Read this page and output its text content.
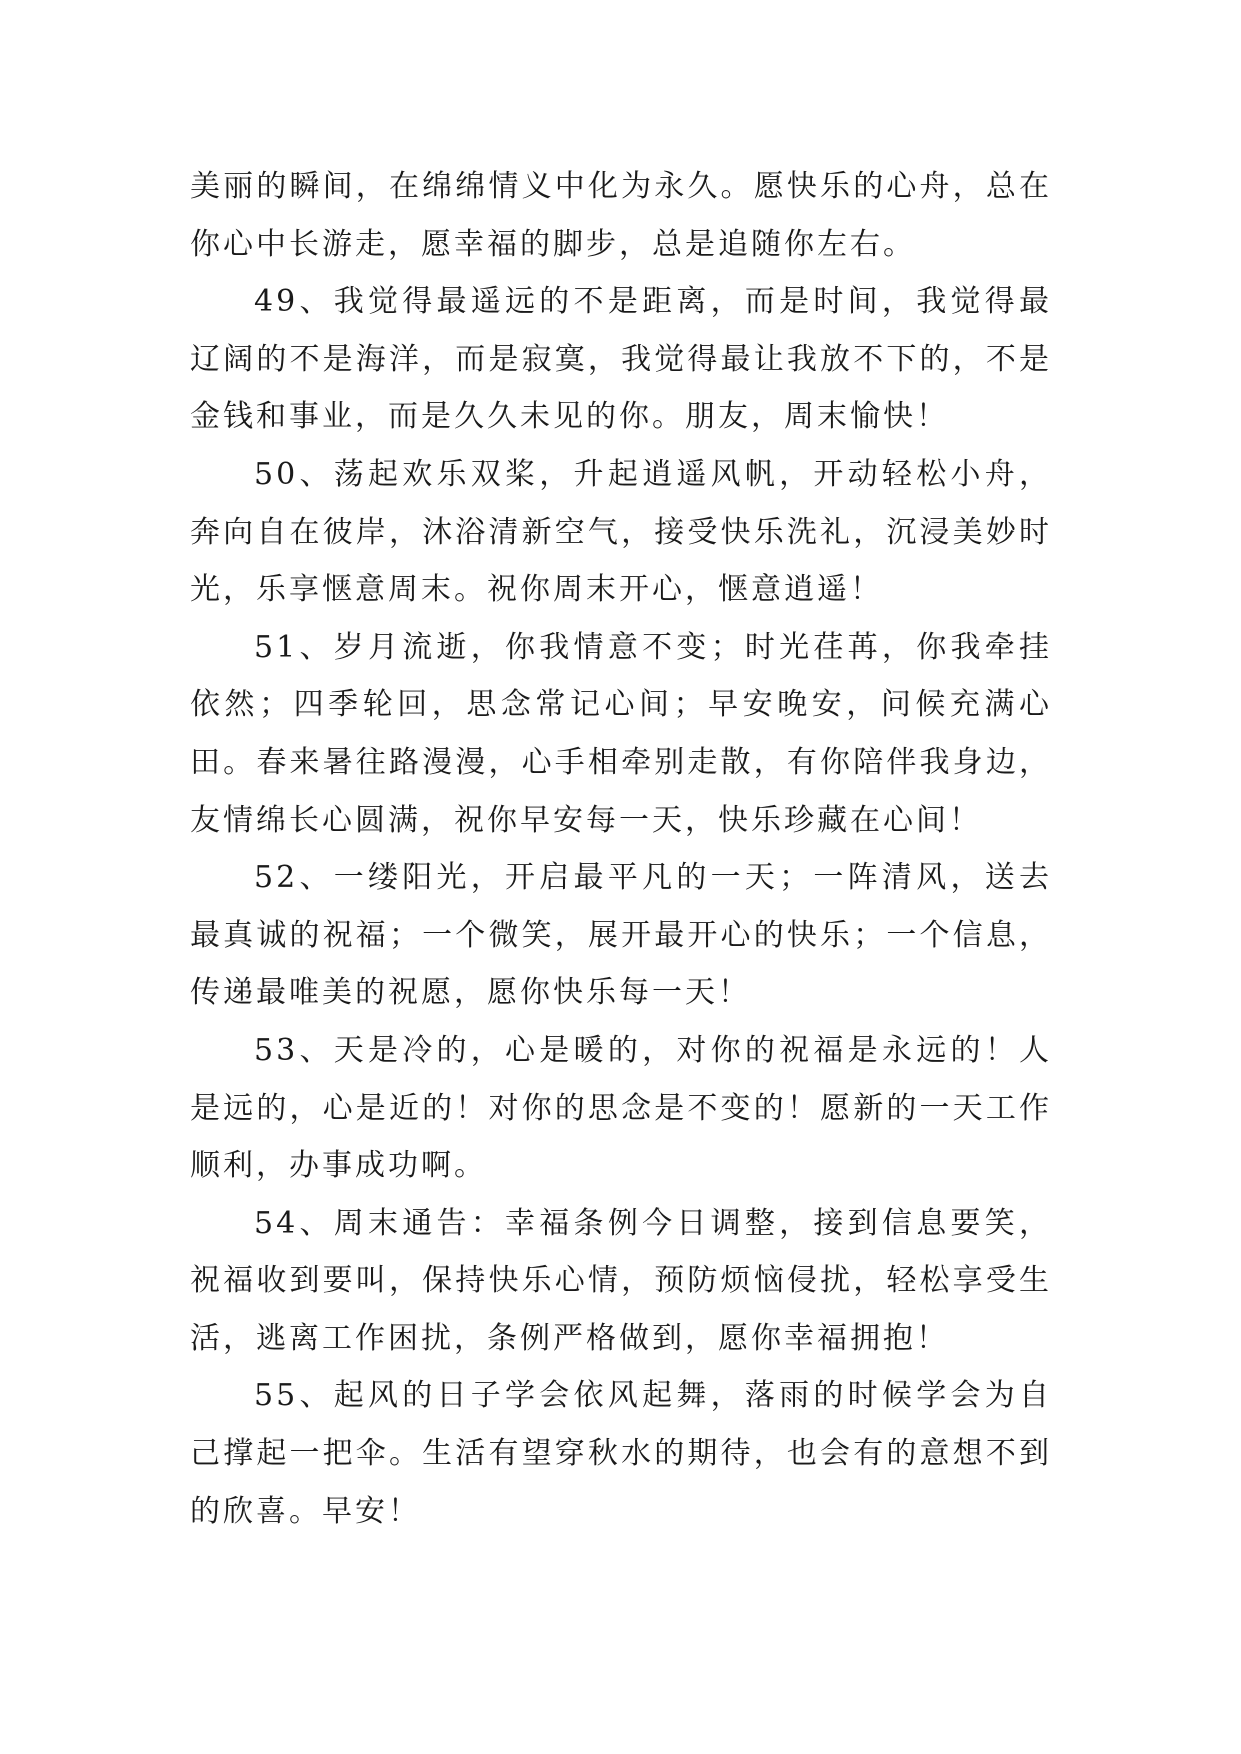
美丽的瞬间，在绵绵情义中化为永久。愿快乐的心舟，总在你心中长游走，愿幸福的脚步，总是追随你左右。

49、我觉得最遥远的不是距离，而是时间，我觉得最辽阔的不是海洋，而是寂寞，我觉得最让我放不下的，不是金钱和事业，而是久久未见的你。朋友，周末愉快！

50、荡起欢乐双桨，升起逍遥风帆，开动轻松小舟，奔向自在彼岸，沐浴清新空气，接受快乐洗礼，沉浸美妙时光，乐享惬意周末。祝你周末开心，惬意逍遥！

51、岁月流逝，你我情意不变；时光荏苒，你我牵挂依然；四季轮回，思念常记心间；早安晚安，问候充满心田。春来暑往路漫漫，心手相牵别走散，有你陪伴我身边，友情绵长心圆满，祝你早安每一天，快乐珍藏在心间！

52、一缕阳光，开启最平凡的一天；一阵清风，送去最真诚的祝福；一个微笑，展开最开心的快乐；一个信息，传递最唯美的祝愿，愿你快乐每一天！

53、天是冷的，心是暖的，对你的祝福是永远的！人是远的，心是近的！对你的思念是不变的！愿新的一天工作顺利，办事成功啊。

54、周末通告：幸福条例今日调整，接到信息要笑，祝福收到要叫，保持快乐心情，预防烦恼侵扰，轻松享受生活，逃离工作困扰，条例严格做到，愿你幸福拥抱！

55、起风的日子学会依风起舞，落雨的时候学会为自己撑起一把伞。生活有望穿秋水的期待，也会有的意想不到的欣喜。早安！
